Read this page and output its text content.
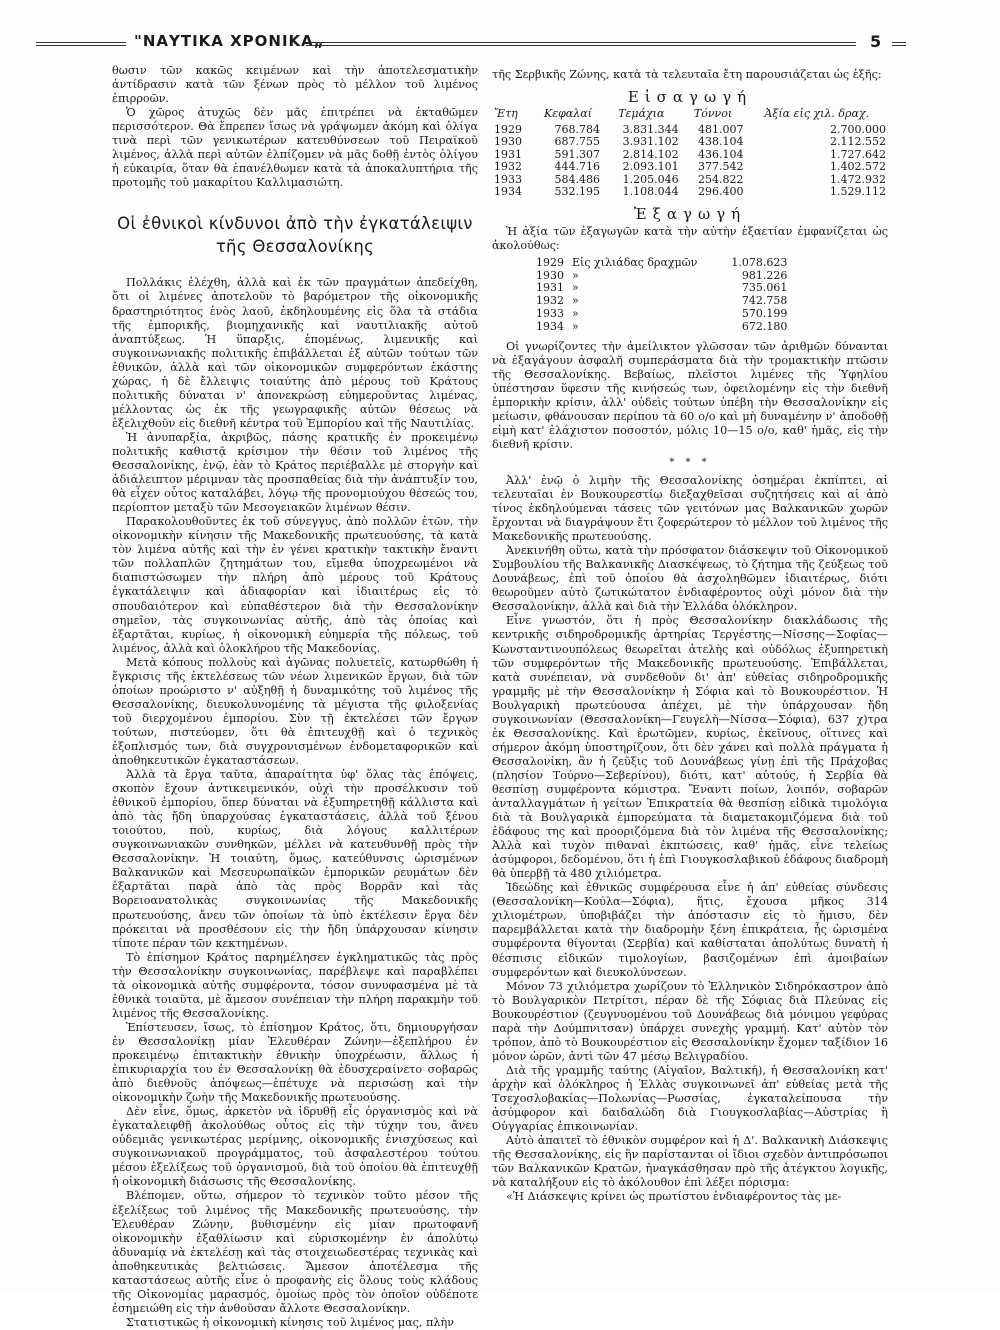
"ΝΑΥΤΙΚΑ ΧΡΟΝΙΚΑ„	5

θωσιν τῶν κακῶς κειμένων καὶ τὴν ἀποτελεσματικὴν ἀντίδρασιν κατὰ τῶν ξένων πρὸς τὸ μέλλον τοῦ λιμένος ἐπιρροῶν.

Ὁ χῶρος ἀτυχῶς δὲν μᾶς ἐπιτρέπει νὰ ἐκταθῶμεν περισσότερον. Θὰ ἔπρεπεν ἴσως νὰ γράψωμεν ἀκόμη καὶ ὀλίγα τινὰ περὶ τῶν γενικωτέρων κατευθύνσεων τοῦ Πειραϊκοῦ λιμένος, ἀλλὰ περὶ αὐτῶν ἐλπίζομεν νὰ μᾶς δοθῇ ἐντὸς ὀλίγου ἡ εὐκαιρία, ὅταν θὰ ἐπανέλθωμεν κατὰ τὰ ἀποκαλυπτήρια τῆς προτομῆς τοῦ μακαρίτου Καλλιμασιώτη.

Οἱ ἐθνικοὶ κίνδυνοι ἀπὸ τὴν ἐγκατάλειψιν τῆς Θεσσαλονίκης

Πολλάκις ἐλέχθη, ἀλλὰ καὶ ἐκ τῶν πραγμάτων ἀπεδείχθη, ὅτι οἱ λιμένες ἀποτελοῦν τὸ βαρόμετρον τῆς οἰκονομικῆς δραστηριότητος ἑνὸς λαοῦ, ἐκδηλουμένης εἰς ὅλα τὰ στάδια τῆς ἐμπορικῆς, βιομηχανικῆς καὶ ναυτιλιακῆς αὐτοῦ ἀναπτύξεως. Ἡ ὕπαρξις, ἑπομένως, λιμενικῆς καὶ συγκοινωνιακῆς πολιτικῆς ἐπιβάλλεται ἐξ αὐτῶν τούτων τῶν ἐθνικῶν, ἀλλὰ καὶ τῶν οἰκονομικῶν συμφερόντων ἑκάστης χώρας, ἡ δὲ ἔλλειψις τοιαύτης ἀπὸ μέρους τοῦ Κράτους πολιτικῆς δύναται ν' ἀπονεκρώσῃ εὐημεροῦντας λιμένας, μέλλοντας ὡς ἐκ τῆς γεωγραφικῆς αὐτῶν θέσεως νὰ ἐξελιχθοῦν εἰς διεθνῆ κέντρα τοῦ Ἐμπορίου καὶ τῆς Ναυτιλίας.

Ἡ ἀνυπαρξία, ἀκριβῶς, πάσης κρατικῆς ἐν προκειμένῳ πολιτικῆς καθιστᾷ κρίσιμον τὴν θέσιν τοῦ λιμένος τῆς Θεσσαλονίκης, ἐνῷ, ἐὰν τὸ Κράτος περιέβαλλε μὲ στοργὴν καὶ ἀδιάλειπτον μέριμναν τὰς προσπαθείας διὰ τὴν ἀνάπτυξίν του, θὰ εἶχεν οὗτος καταλάβει, λόγῳ τῆς προνομιούχου θέσεώς του, περίοπτον μεταξὺ τῶν Μεσογειακῶν λιμένων θέσιν.

Παρακολουθοῦντες ἐκ τοῦ σύνεγγυς, ἀπὸ πολλῶν ἐτῶν, τὴν οἰκονομικὴν κίνησιν τῆς Μακεδονικῆς πρωτευούσης, τὰ κατὰ τὸν λιμένα αὐτῆς καὶ τὴν ἐν γένει κρατικὴν τακτικὴν ἔναντι τῶν πολλαπλῶν ζητημάτων του, εἴμεθα ὑποχρεωμένοι νὰ διαπιστώσωμεν τὴν πλήρη ἀπὸ μέρους τοῦ Κράτους ἐγκατάλειψιν καὶ ἀδιαφορίαν καὶ ἰδιαιτέρως εἰς τὸ σπουδαιότερον καὶ εὐπαθέστερον διὰ τὴν Θεσσαλονίκην σημεῖον, τὰς συγκοινωνίας αὐτῆς, ἀπὸ τὰς ὁποίας καὶ ἐξαρτᾶται, κυρίως, ἡ οἰκονομικὴ εὐημερία τῆς πόλεως, τοῦ λιμένος, ἀλλὰ καὶ ὁλοκλήρου τῆς Μακεδονίας.

Μετὰ κόπους πολλοὺς καὶ ἀγῶνας πολυετεῖς, κατωρθώθη ἡ ἔγκρισις τῆς ἐκτελέσεως τῶν νέων λιμενικῶν ἔργων, διὰ τῶν ὁποίων προώριστο ν' αὐξηθῇ ἡ δυναμικότης τοῦ λιμένος τῆς Θεσσαλονίκης, διευκολυνομένης τὰ μέγιστα τῆς φιλοξενίας τοῦ διερχομένου ἐμπορίου. Σὺν τῇ ἐκτελέσει τῶν ἔργων τούτων, πιστεύομεν, ὅτι θὰ ἐπιτευχθῇ καὶ ὁ τεχνικὸς ἐξοπλισμός των, διὰ συγχρονισμένων ἐνδομεταφορικῶν καὶ ἀποθηκευτικῶν ἐγκαταστάσεων.

Ἀλλὰ τὰ ἔργα ταῦτα, ἀπαραίτητα ὑφ' ὅλας τὰς ἐπόψεις, σκοπὸν ἔχουν ἀντικειμενικόν, οὐχὶ τὴν προσέλκυσιν τοῦ ἐθνικοῦ ἐμπορίου, ὅπερ δύναται νὰ ἐξυπηρετηθῇ κάλλιστα καὶ ἀπὸ τὰς ἤδη ὑπαρχούσας ἐγκαταστάσεις, ἀλλὰ τοῦ ξένου τοιούτου, ποὺ, κυρίως, διὰ λόγους καλλιτέρων συγκοινωνιακῶν συνθηκῶν, μέλλει νὰ κατευθυνθῇ πρὸς τὴν Θεσσαλονίκην. Ἡ τοιαύτη, ὅμως, κατεύθυνσις ὡρισμένων Βαλκανικῶν καὶ Μεσευρωπαϊκῶν ἐμπορικῶν ρευμάτων δὲν ἐξαρτᾶται παρὰ ἀπὸ τὰς πρὸς Βορρᾶν καὶ τὰς Βορειοανατολικὰς συγκοινωνίας τῆς Μακεδονικῆς πρωτευούσης, ἄνευ τῶν ὁποίων τὰ ὑπὸ ἐκτέλεσιν ἔργα δὲν πρόκειται νὰ προσθέσουν εἰς τὴν ἤδη ὑπάρχουσαν κίνησιν τίποτε πέραν τῶν κεκτημένων.

Τὸ ἐπίσημον Κράτος παρημέλησεν ἐγκληματικῶς τὰς πρὸς τὴν Θεσσαλονίκην συγκοινωνίας, παρέβλεψε καὶ παραβλέπει τὰ οἰκονομικὰ αὐτῆς συμφέροντα, τόσον συνυφασμένα μὲ τὰ ἐθνικὰ τοιαῦτα, μὲ ἄμεσον συνέπειαν τὴν πλήρη παρακμὴν τοῦ λιμένος τῆς Θεσσαλονίκης.

Ἐπίστευσεν, ἴσως, τὸ ἐπίσημον Κράτος, ὅτι, δημιουργήσαν ἐν Θεσσαλονίκῃ μίαν Ἐλευθέραν Ζώνην—ἐξεπλήρου ἐν προκειμένῳ ἐπιτακτικὴν ἐθνικὴν ὑποχρέωσιν, ἄλλως ἡ ἐπικυριαρχία του ἐν Θεσσαλονίκῃ θὰ ἐδυσχεραίνετο σοβαρῶς ἀπὸ διεθνοῦς ἀπόψεως—ἐπέτυχε νὰ περισώσῃ καὶ τὴν οἰκονομικὴν ζωὴν τῆς Μακεδονικῆς πρωτευούσης.

Δὲν εἶνε, ὅμως, ἀρκετὸν νὰ ἱδρυθῇ εἷς ὀργανισμὸς καὶ νὰ ἐγκαταλειφθῇ ἀκολούθως οὗτος εἰς τὴν τύχην του, ἄνευ οὐδεμιᾶς γενικωτέρας μερίμνης, οἰκονομικῆς ἐνισχύσεως καὶ συγκοινωνιακοῦ προγράμματος, τοῦ ἀσφαλεστέρου τούτου μέσου ἐξελίξεως τοῦ ὀργανισμοῦ, διὰ τοῦ ὁποίου θὰ ἐπιτευχθῇ ἡ οἰκονομικὴ διάσωσις τῆς Θεσσαλονίκης.

Βλέπομεν, οὕτω, σήμερον τὸ τεχνικὸν τοῦτο μέσον τῆς ἐξελίξεως τοῦ λιμένος τῆς Μακεδονικῆς πρωτευούσης, τὴν Ἐλευθέραν Ζώνην, βυθισμένην εἰς μίαν πρωτοφανῆ οἰκονομικὴν ἐξαθλίωσιν καὶ εὑρισκομένην ἐν ἀπολύτῳ ἀδυναμίᾳ νὰ ἐκτελέσῃ καὶ τὰς στοιχειωδεστέρας τεχνικὰς καὶ ἀποθηκευτικὰς βελτιώσεις. Ἄμεσον ἀποτέλεσμα τῆς καταστάσεως αὐτῆς εἶνε ὁ προφανὴς εἰς ὅλους τοὺς κλάδους τῆς Οἰκονομίας μαρασμός, ὁμοίως πρὸς τὸν ὁποῖον οὐδέποτε ἐσημειώθη εἰς τὴν ἀνθοῦσαν ἄλλοτε Θεσσαλονίκην.

Στατιστικῶς ἡ οἰκονομικὴ κίνησις τοῦ λιμένος μας, πλὴν

τῆς Σερβικῆς Ζώνης, κατὰ τὰ τελευταῖα ἔτη παρουσιάζεται ὡς ἑξῆς:

Εἰσαγωγή
Ἔτη	Κεφαλαί	Τεμάχια	Τόννοι	Ἀξία εἰς χιλ. δραχ.
1929	768.784	3.831.344	481.007	2.700.000
1930	687.755	3.931.102	438.104	2.112.552
1931	591.307	2.814.102	436.104	1.727.642
1932	444.716	2.093.101	377.542	1.402.572
1933	584.486	1.205.046	254.822	1.472.932
1934	532.195	1.108.044	296.400	1.529.112
Ἐξαγωγή

Ἡ ἀξία τῶν ἐξαγωγῶν κατὰ τὴν αὐτὴν ἑξαετίαν ἐμφανίζεται ὡς ἀκολούθως:

1929	Εἰς χιλιάδας δραχμῶν	1.078.623
1930	»	981.226
1931	»	735.061
1932	»	742.758
1933	»	570.199
1934	»	672.180

Οἱ γνωρίζοντες τὴν ἀμείλικτον γλῶσσαν τῶν ἀριθμῶν δύνανται νὰ ἐξαγάγουν ἀσφαλῆ συμπεράσματα διὰ τὴν τρομακτικὴν πτῶσιν τῆς Θεσσαλονίκης. Βεβαίως, πλεῖστοι λιμένες τῆς Ὑφηλίου ὑπέστησαν ὕφεσιν τῆς κινήσεώς των, ὀφειλομένην εἰς τὴν διεθνῆ ἐμπορικὴν κρίσιν, ἀλλ' οὐδεὶς τούτων ὑπέβη τὴν Θεσσαλονίκην εἰς μείωσιν, φθάνουσαν περίπου τὰ 60 ο/ο καὶ μὴ δυναμένην ν' ἀποδοθῇ εἰμὴ κατ' ἐλάχιστον ποσοστόν, μόλις 10—15 ο/ο, καθ' ἡμᾶς, εἰς τὴν διεθνῆ κρίσιν.

* * *

Ἀλλ' ἐνῷ ὁ λιμὴν τῆς Θεσσαλονίκης ὁσημέραι ἐκπίπτει, αἱ τελευταῖαι ἐν Βουκουρεστίῳ διεξαχθεῖσαι συζητήσεις καὶ αἱ ἀπὸ τίνος ἐκδηλούμεναι τάσεις τῶν γειτόνων μας Βαλκανικῶν χωρῶν ἔρχονται νὰ διαγράψουν ἔτι ζοφερώτερον τὸ μέλλον τοῦ λιμένος τῆς Μακεδονικῆς πρωτευούσης.

Ἀνεκινήθη οὕτω, κατὰ τὴν πρόσφατον διάσκεψιν τοῦ Οἰκονομικοῦ Συμβουλίου τῆς Βαλκανικῆς Διασκέψεως, τὸ ζήτημα τῆς ζεύξεως τοῦ Δουνάβεως, ἐπὶ τοῦ ὁποίου θὰ ἀσχοληθῶμεν ἰδιαιτέρως, διότι θεωροῦμεν αὐτὸ ζωτικώτατον ἐνδιαφέροντος οὐχὶ μόνον διὰ τὴν Θεσσαλονίκην, ἀλλὰ καὶ διὰ τὴν Ἑλλάδα ὁλόκληρον.

Εἶνε γνωστόν, ὅτι ἡ πρὸς Θεσσαλονίκην διακλάδωσις τῆς κεντρικῆς σιδηροδρομικῆς ἀρτηρίας Τεργέστης—Νίσσης—Σοφίας—Κωνσταντινουπόλεως θεωρεῖται ἀτελὴς καὶ οὐδόλως ἐξυπηρετικὴ τῶν συμφερόντων τῆς Μακεδονικῆς πρωτευούσης. Ἐπιβάλλεται, κατὰ συνέπειαν, νὰ συνδεθοῦν δι' ἀπ' εὐθείας σιδηροδρομικῆς γραμμῆς μὲ τὴν Θεσσαλονίκην ἡ Σόφια καὶ τὸ Βουκουρέστιον. Ἡ Βουλγαρικὴ πρωτεύουσα ἀπέχει, μὲ τὴν ὑπάρχουσαν ἤδη συγκοινωνίαν (Θεσσαλονίκη—Γευγελὴ—Νίσσα—Σόφια), 637 χ)τρα ἐκ Θεσσαλονίκης. Καὶ ἐρωτῶμεν, κυρίως, ἐκεῖνους, οἵτινες καὶ σήμερον ἀκόμη ὑποστηρίζουν, ὅτι δὲν χάνει καὶ πολλὰ πράγματα ἡ Θεσσαλονίκη, ἂν ἡ ζεῦξις τοῦ Δουνάβεως γίνῃ ἐπὶ τῆς Πράχοβας (πλησίον Τούρνο—Σεβερίνου), διότι, κατ' αὐτούς, ἡ Σερβία θὰ θεσπίσῃ συμφέροντα κόμιστρα. Ἔναντι ποίων, λοιπόν, σοβαρῶν ἀνταλλαγμάτων ἡ γείτων Ἐπικρατεία θὰ θεσπίσῃ εἰδικὰ τιμολόγια διὰ τὰ Βουλγαρικὰ ἐμπορεύματα τὰ διαμετακομιζόμενα διὰ τοῦ ἐδάφους της καὶ προοριζόμενα διὰ τὸν λιμένα τῆς Θεσσαλονίκης; Ἀλλὰ καὶ τυχὸν πιθαναὶ ἐκπτώσεις, καθ' ἡμᾶς, εἶνε τελείως ἀσύμφοροι, δεδομένου, ὅτι ἡ ἐπὶ Γιουγκοσλαβικοῦ ἐδάφους διαδρομὴ θὰ ὑπερβῇ τὰ 480 χιλιόμετρα.

Ἰδεώδης καὶ ἐθνικῶς συμφέρουσα εἶνε ἡ ἀπ' εὐθείας σύνδεσις (Θεσσαλονίκη—Κούλα—Σόφια), ἥτις, ἔχουσα μῆκος 314 χιλιομέτρων, ὑποβιβάζει τὴν ἀπόστασιν εἰς τὸ ἥμισυ, δὲν παρεμβάλλεται κατὰ τὴν διαδρομὴν ξένη ἐπικράτεια, ἧς ὡρισμένα συμφέροντα θίγονται (Σερβία) καὶ καθίσταται ἀπολύτως δυνατὴ ἡ θέσπισις εἰδικῶν τιμολογίων, βασιζομένων ἐπὶ ἀμοιβαίων συμφερόντων καὶ διευκολύνσεων.

Μόνον 73 χιλιόμετρα χωρίζουν τὸ Ἑλληνικὸν Σιδηρόκαστρον ἀπὸ τὸ Βουλγαρικὸν Πετρίτσι, πέραν δὲ τῆς Σόφιας διὰ Πλεύνας εἰς Βουκουρέστιον (ζευγνυομένου τοῦ Δουνάβεως διὰ μόνιμου γεφύρας παρὰ τὴν Δούμπνιτσαν) ὑπάρχει συνεχὴς γραμμή. Κατ' αὐτὸν τὸν τρόπον, ἀπὸ τὸ Βουκουρέστιον εἰς Θεσσαλονίκην ἔχομεν ταξίδιον 16 μόνον ὡρῶν, ἀντὶ τῶν 47 μέσῳ Βελιγραδίου.

Διὰ τῆς γραμμῆς ταύτης (Αἰγαῖον, Βαλτική), ἡ Θεσσαλονίκη κατ' ἀρχὴν καὶ ὁλόκληρος ἡ Ἑλλὰς συγκοινωνεῖ ἀπ' εὐθείας μετὰ τῆς Τσεχοσλοβακίας—Πολωνίας—Ρωσσίας, ἐγκαταλείπουσα τὴν ἀσύμφορον καὶ δαιδαλώδη διὰ Γιουγκοσλαβίας—Αὐστρίας ἢ Οὐγγαρίας ἐπικοινωνίαν.

Αὐτὸ ἀπαιτεῖ τὸ ἐθνικὸν συμφέρον καὶ ἡ Δ'. Βαλκανικὴ Διάσκεψις τῆς Θεσσαλονίκης, εἰς ἣν παρίστανται οἱ ἴδιοι σχεδὸν ἀντιπρόσωποι τῶν Βαλκανικῶν Κρατῶν, ἠναγκάσθησαν πρὸ τῆς ἀτέγκτου λογικῆς, νὰ καταλήξουν εἰς τὸ ἀκόλουθον ἐπὶ λέξει πόρισμα:

«Ἡ Διάσκεψις κρίνει ὡς πρωτίστου ἐνδιαφέροντος τὰς με-
